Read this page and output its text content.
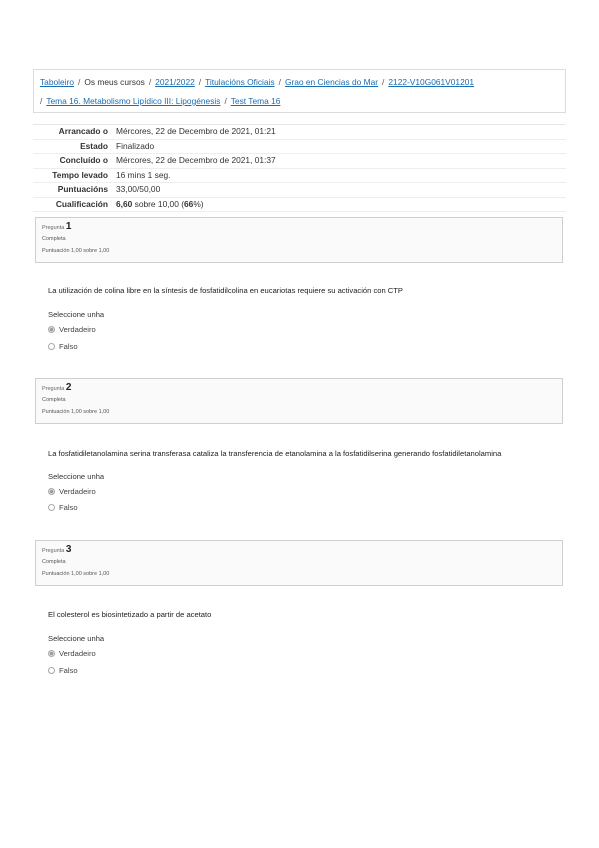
Taboleiro / Os meus cursos / 2021/2022 / Titulacións Oficiais / Grao en Ciencias do Mar / 2122-V10G061V01201
/ Tema 16. Metabolismo Lipídico III: Lipogénesis / Test Tema 16
Arrancado o Mércores, 22 de Decembro de 2021, 01:21
Estado Finalizado
Concluído o Mércores, 22 de Decembro de 2021, 01:37
Tempo levado 16 mins 1 seg.
Puntuacións 33,00/50,00
Cualificación 6,60 sobre 10,00 (66%)
Pregunta 1
Completa
Puntuación 1,00 sobre 1,00
La utilización de colina libre en la síntesis de fosfatidilcolina en eucariotas requiere su activación con CTP
Seleccione unha
Verdadeiro
Falso
Pregunta 2
Completa
Puntuación 1,00 sobre 1,00
La fosfatidiletanolamina serina transferasa cataliza la transferencia de etanolamina a la fosfatidilserina generando fosfatidiletanolamina
Seleccione unha
Verdadeiro
Falso
Pregunta 3
Completa
Puntuación 1,00 sobre 1,00
El colesterol es biosintetizado a partir de acetato
Seleccione unha
Verdadeiro
Falso
